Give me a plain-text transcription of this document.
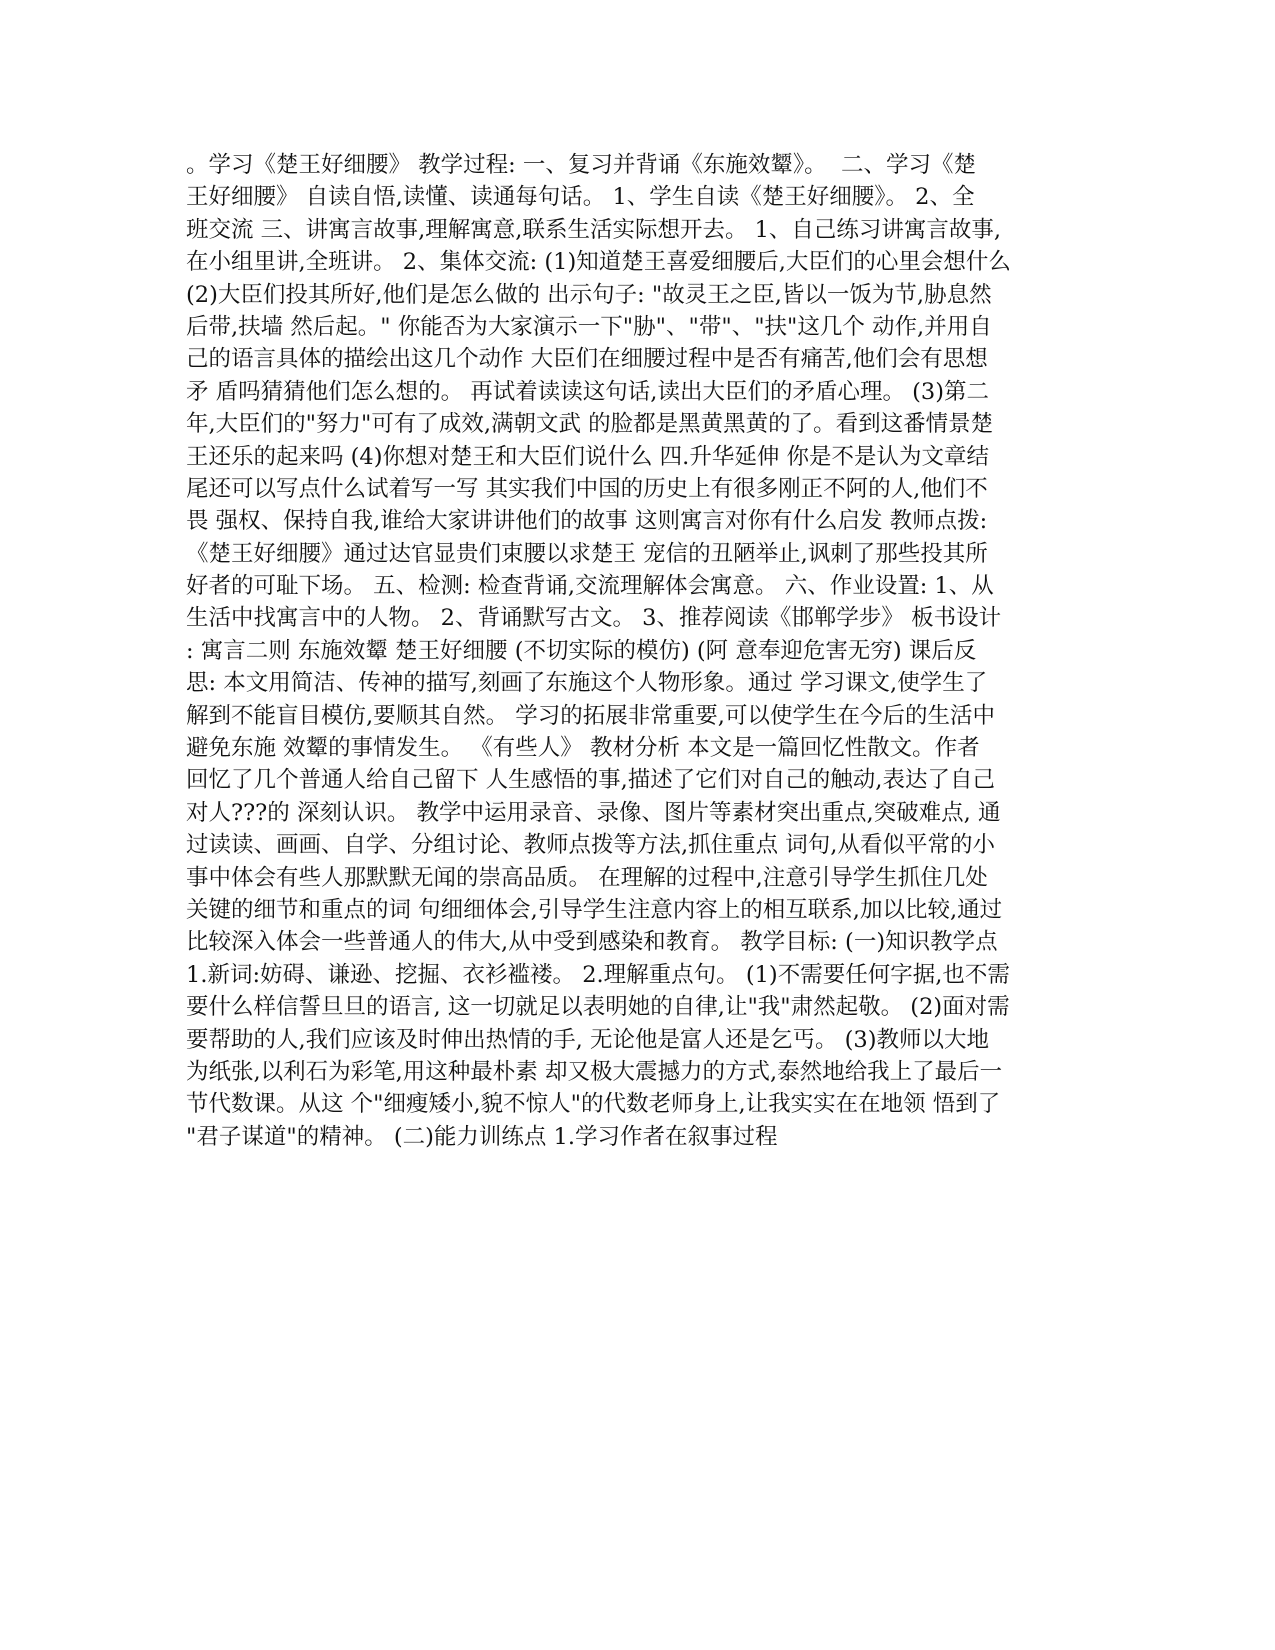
。学习《楚王好细腰》 教学过程: 一、复习并背诵《东施效颦》。  二、学习《楚
王好细腰》 自读自悟,读懂、读通每句话。 1、学生自读《楚王好细腰》。 2、全
班交流 三、讲寓言故事,理解寓意,联系生活实际想开去。 1、自己练习讲寓言故事,
在小组里讲,全班讲。 2、集体交流: (1)知道楚王喜爱细腰后,大臣们的心里会想什么
(2)大臣们投其所好,他们是怎么做的 出示句子: "故灵王之臣,皆以一饭为节,胁息然
后带,扶墙 然后起。" 你能否为大家演示一下"胁"、"带"、"扶"这几个 动作,并用自
己的语言具体的描绘出这几个动作 大臣们在细腰过程中是否有痛苦,他们会有思想
矛 盾吗猜猜他们怎么想的。 再试着读读这句话,读出大臣们的矛盾心理。 (3)第二
年,大臣们的"努力"可有了成效,满朝文武 的脸都是黑黄黑黄的了。看到这番情景楚
王还乐的起来吗 (4)你想对楚王和大臣们说什么 四.升华延伸 你是不是认为文章结
尾还可以写点什么试着写一写 其实我们中国的历史上有很多刚正不阿的人,他们不
畏 强权、保持自我,谁给大家讲讲他们的故事 这则寓言对你有什么启发 教师点拨:
《楚王好细腰》通过达官显贵们束腰以求楚王 宠信的丑陋举止,讽刺了那些投其所
好者的可耻下场。 五、检测: 检查背诵,交流理解体会寓意。 六、作业设置: 1、从
生活中找寓言中的人物。 2、背诵默写古文。 3、推荐阅读《邯郸学步》 板书设计
: 寓言二则 东施效颦 楚王好细腰 (不切实际的模仿) (阿 意奉迎危害无穷) 课后反
思: 本文用简洁、传神的描写,刻画了东施这个人物形象。通过 学习课文,使学生了
解到不能盲目模仿,要顺其自然。 学习的拓展非常重要,可以使学生在今后的生活中
避免东施 效颦的事情发生。 《有些人》 教材分析 本文是一篇回忆性散文。作者
回忆了几个普通人给自己留下 人生感悟的事,描述了它们对自己的触动,表达了自己
对人???的 深刻认识。 教学中运用录音、录像、图片等素材突出重点,突破难点, 通
过读读、画画、自学、分组讨论、教师点拨等方法,抓住重点 词句,从看似平常的小
事中体会有些人那默默无闻的崇高品质。 在理解的过程中,注意引导学生抓住几处
关键的细节和重点的词 句细细体会,引导学生注意内容上的相互联系,加以比较,通过
比较深入体会一些普通人的伟大,从中受到感染和教育。 教学目标: (一)知识教学点
1.新词:妨碍、谦逊、挖掘、衣衫褴褛。 2.理解重点句。 (1)不需要任何字据,也不需
要什么样信誓旦旦的语言, 这一切就足以表明她的自律,让"我"肃然起敬。 (2)面对需
要帮助的人,我们应该及时伸出热情的手, 无论他是富人还是乞丐。 (3)教师以大地
为纸张,以利石为彩笔,用这种最朴素 却又极大震撼力的方式,泰然地给我上了最后一
节代数课。从这 个"细瘦矮小,貌不惊人"的代数老师身上,让我实实在在地领 悟到了
"君子谋道"的精神。 (二)能力训练点 1.学习作者在叙事过程
